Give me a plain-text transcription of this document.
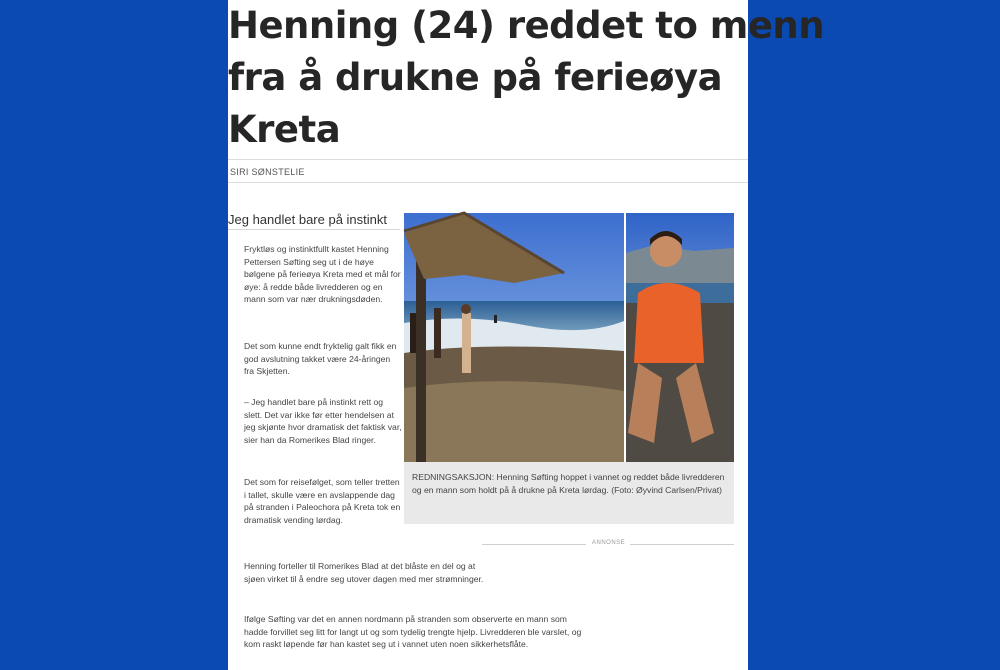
Henning (24) reddet to menn
fra å drukne på ferieøya
Kreta
SIRI SØNSTELIE
Jeg handlet bare på instinkt

Fryktløs og instinktfullt kastet Henning Pettersen Søfting seg ut i de høye bølgene på ferieøya Kreta med et mål for øye: å redde både livredderen og en mann som var nær drukningsdøden.

Det som kunne endt fryktelig galt fikk en god avslutning takket være 24-åringen fra Skjetten.

– Jeg handlet bare på instinkt rett og slett. Det var ikke før etter hendelsen at jeg skjønte hvor dramatisk det faktisk var, sier han da Romerikes Blad ringer.

Det som for reisefølget, som teller tretten i tallet, skulle være en avslappende dag på stranden i Paleochora på Kreta tok en dramatisk vending lørdag.

Henning forteller til Romerikes Blad at det blåste en del og at sjøen virket til å endre seg utover dagen med mer strømninger.

Ifølge Søfting var det en annen nordmann på stranden som observerte en mann som hadde forvillet seg litt for langt ut og som tydelig trengte hjelp. Livredderen ble varslet, og kom raskt løpende før han kastet seg ut i vannet uten noen sikkerhetsflåte.

REDNINGSAKSJON: Henning Søfting hoppet i vannet og reddet både livredderen og en mann som holdt på å drukne på Kreta lørdag. (Foto: Øyvind Carlsen/Privat)

ANNONSE
